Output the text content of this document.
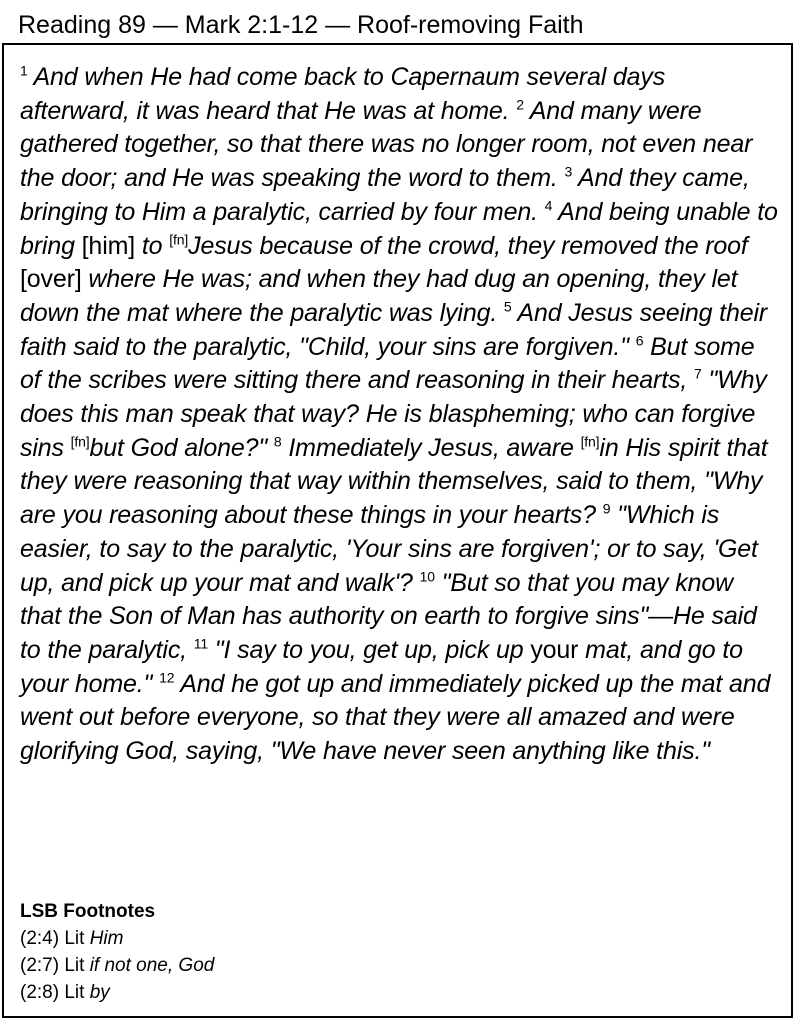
Reading 89 — Mark 2:1-12 — Roof-removing Faith
$^1$ And when He had come back to Capernaum several days afterward, it was heard that He was at home. $^2$ And many were gathered together, so that there was no longer room, not even near the door; and He was speaking the word to them. $^3$ And they came, bringing to Him a paralytic, carried by four men. $^4$ And being unable to bring [him] to [fn]Jesus because of the crowd, they removed the roof [over] where He was; and when they had dug an opening, they let down the mat where the paralytic was lying. $^5$ And Jesus seeing their faith said to the paralytic, "Child, your sins are forgiven." $^6$ But some of the scribes were sitting there and reasoning in their hearts, $^7$ "Why does this man speak that way? He is blaspheming; who can forgive sins [fn]but God alone?" $^8$ Immediately Jesus, aware [fn]in His spirit that they were reasoning that way within themselves, said to them, "Why are you reasoning about these things in your hearts? $^9$ "Which is easier, to say to the paralytic, 'Your sins are forgiven'; or to say, 'Get up, and pick up your mat and walk'? $^{10}$ "But so that you may know that the Son of Man has authority on earth to forgive sins"—He said to the paralytic, $^{11}$ "I say to you, get up, pick up your mat, and go to your home." $^{12}$ And he got up and immediately picked up the mat and went out before everyone, so that they were all amazed and were glorifying God, saying, "We have never seen anything like this."
LSB Footnotes
(2:4) Lit Him
(2:7) Lit if not one, God
(2:8) Lit by
